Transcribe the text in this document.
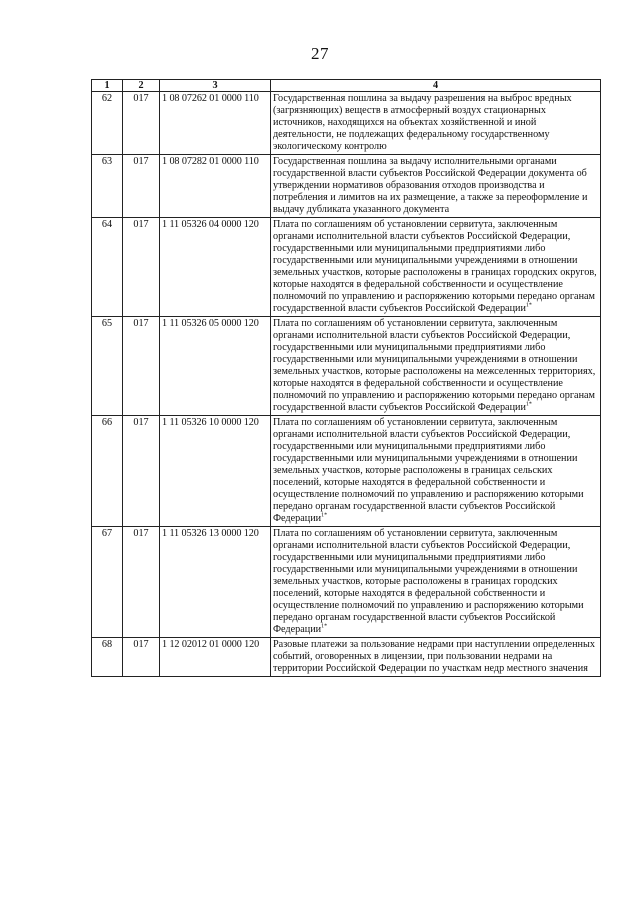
27
1	2	3	4
62	017	1 08 07262 01 0000 110	Государственная пошлина за выдачу разрешения на выброс вредных (загрязняющих) веществ в атмосферный воздух стационарных источников, находящихся на объектах хозяйственной и иной деятельности, не подлежащих федеральному государственному экологическому контролю
63	017	1 08 07282 01 0000 110	Государственная пошлина за выдачу исполнительными органами государственной власти субъектов Российской Федерации документа об утверждении нормативов образования отходов производства и потребления и лимитов на их размещение, а также за переоформление и выдачу дубликата указанного документа
64	017	1 11 05326 04 0000 120	Плата по соглашениям об установлении сервитута, заключенным органами исполнительной власти субъектов Российской Федерации, государственными или муниципальными предприятиями либо государственными или муниципальными учреждениями в отношении земельных участков, которые расположены в границах городских округов, которые находятся в федеральной собственности и осуществление полномочий по управлению и распоряжению которыми передано органам государственной власти субъектов Российской Федерации$^{1*}$
65	017	1 11 05326 05 0000 120	Плата по соглашениям об установлении сервитута, заключенным органами исполнительной власти субъектов Российской Федерации, государственными или муниципальными предприятиями либо государственными или муниципальными учреждениями в отношении земельных участков, которые расположены на межселенных территориях, которые находятся в федеральной собственности и осуществление полномочий по управлению и распоряжению которыми передано органам государственной власти субъектов Российской Федерации$^{1*}$
66	017	1 11 05326 10 0000 120	Плата по соглашениям об установлении сервитута, заключенным органами исполнительной власти субъектов Российской Федерации, государственными или муниципальными предприятиями либо государственными или муниципальными учреждениями в отношении земельных участков, которые расположены в границах сельских поселений, которые находятся в федеральной собственности и осуществление полномочий по управлению и распоряжению которыми передано органам государственной власти субъектов Российской Федерации$^{1*}$
67	017	1 11 05326 13 0000 120	Плата по соглашениям об установлении сервитута, заключенным органами исполнительной власти субъектов Российской Федерации, государственными или муниципальными предприятиями либо государственными или муниципальными учреждениями в отношении земельных участков, которые расположены в границах городских поселений, которые находятся в федеральной собственности и осуществление полномочий по управлению и распоряжению которыми передано органам государственной власти субъектов Российской Федерации$^{1*}$
68	017	1 12 02012 01 0000 120	Разовые платежи за пользование недрами при наступлении определенных событий, оговоренных в лицензии, при пользовании недрами на территории Российской Федерации по участкам недр местного значения
